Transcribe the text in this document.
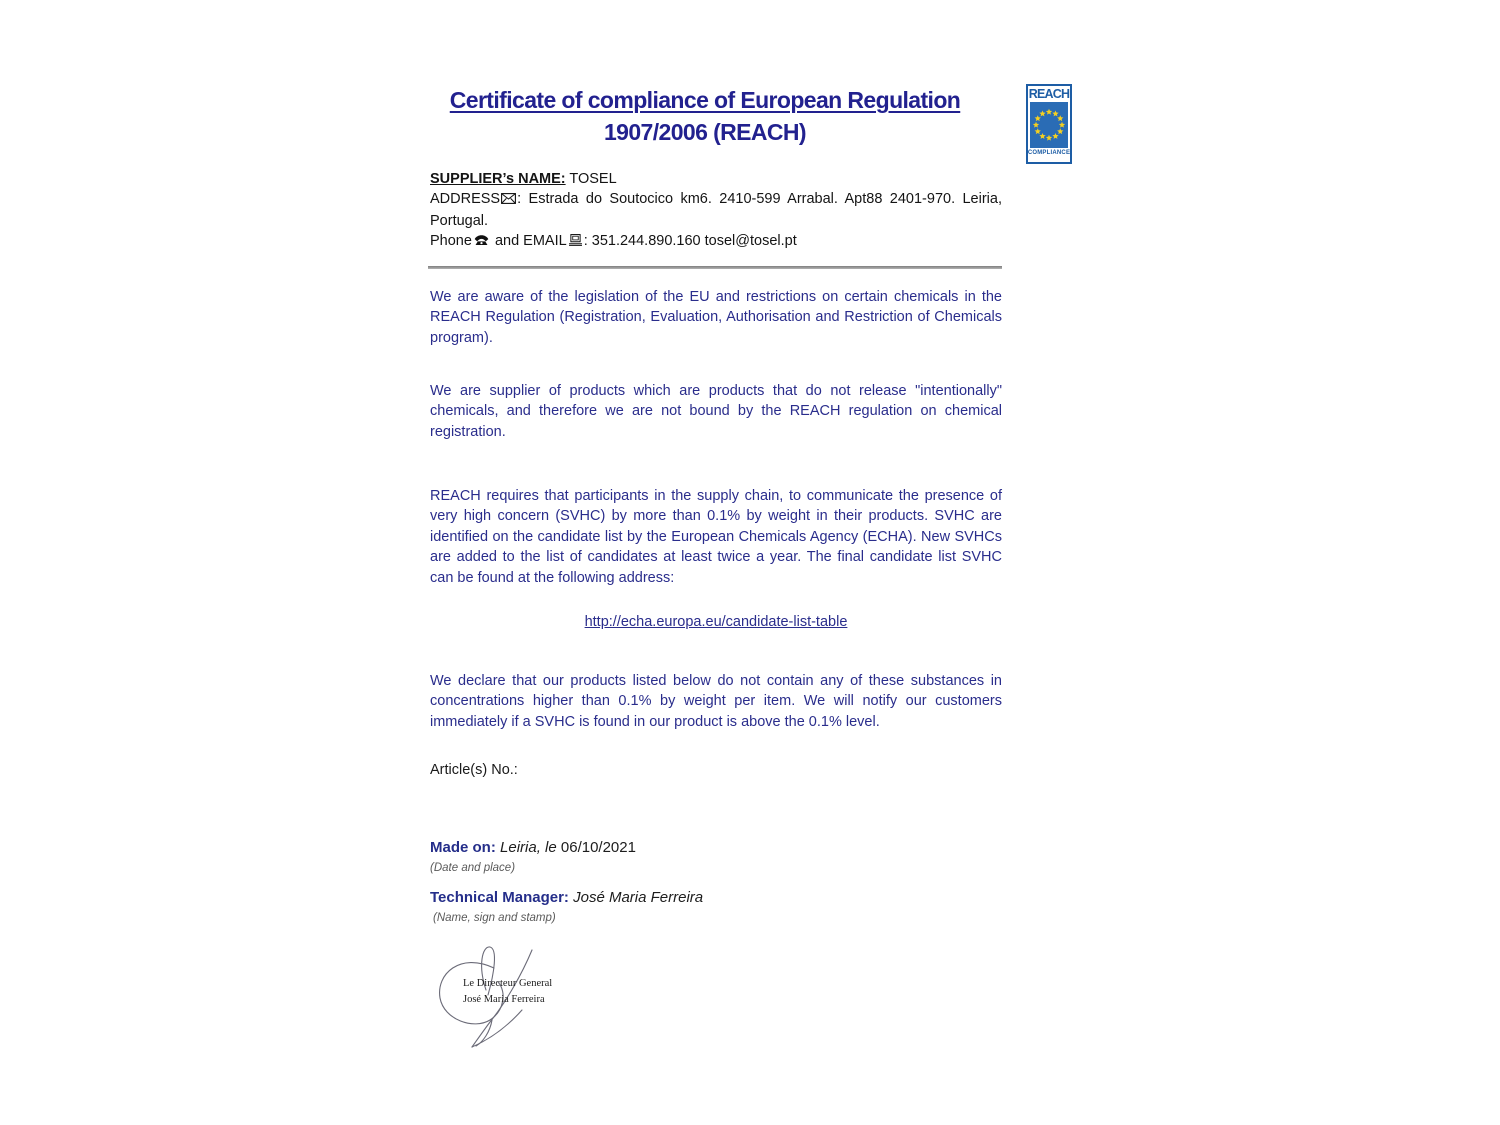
Certificate of compliance of European Regulation
1907/2006 (REACH)
REACH
COMPLIANCE
SUPPLIER’s NAME: TOSEL
ADDRESS : Estrada do Soutocico km6. 2410-599 Arrabal. Apt88 2401-970. Leiria, Portugal.
Phone and EMAIL : 351.244.890.160 tosel@tosel.pt
We are aware of the legislation of the EU and restrictions on certain chemicals in the REACH Regulation (Registration, Evaluation, Authorisation and Restriction of Chemicals program).
We are supplier of products which are products that do not release "intentionally" chemicals, and therefore we are not bound by the REACH regulation on chemical registration.
REACH requires that participants in the supply chain, to communicate the presence of very high concern (SVHC) by more than 0.1% by weight in their products. SVHC are identified on the candidate list by the European Chemicals Agency (ECHA). New SVHCs are added to the list of candidates at least twice a year. The final candidate list SVHC can be found at the following address:
http://echa.europa.eu/candidate-list-table
We declare that our products listed below do not contain any of these substances in concentrations higher than 0.1% by weight per item. We will notify our customers immediately if a SVHC is found in our product is above the 0.1% level.
Article(s) No.:
Made on: Leiria, le 06/10/2021
(Date and place)
Technical Manager: José Maria Ferreira
(Name, sign and stamp)
Le Directeur General
José Maria Ferreira
